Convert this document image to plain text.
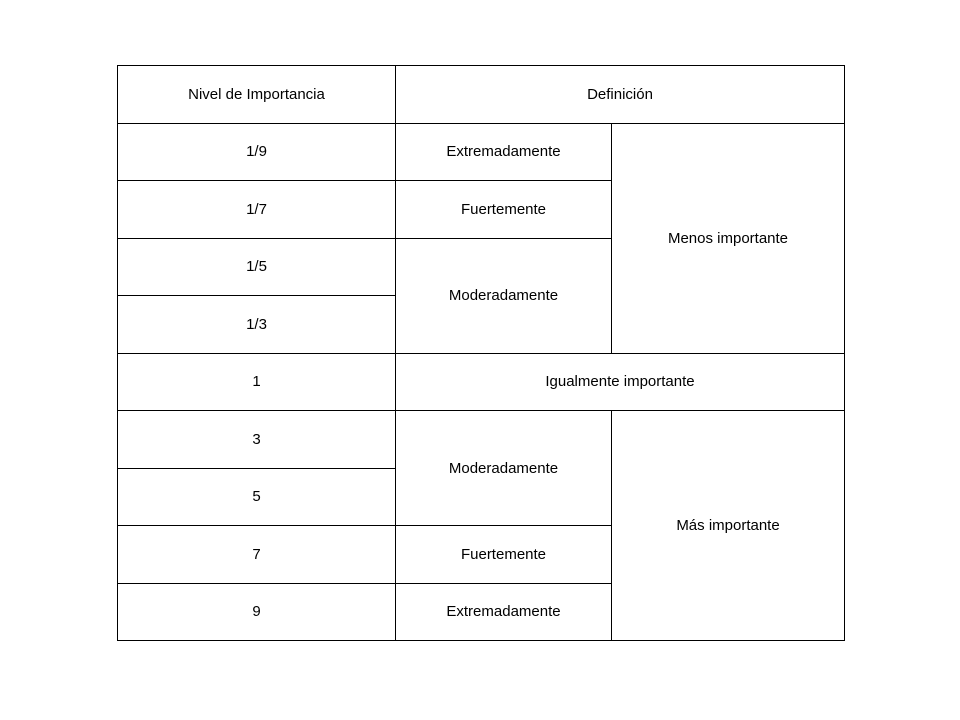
Nivel de Importancia	Definición	
1/9	Extremadamente	Menos importante
1/7	Fuertemente	
1/5	Moderadamente	
1/3		
1	Igualmente importante	
3	Moderadamente	Más importante
5		
7	Fuertemente	
9	Extremadamente	
